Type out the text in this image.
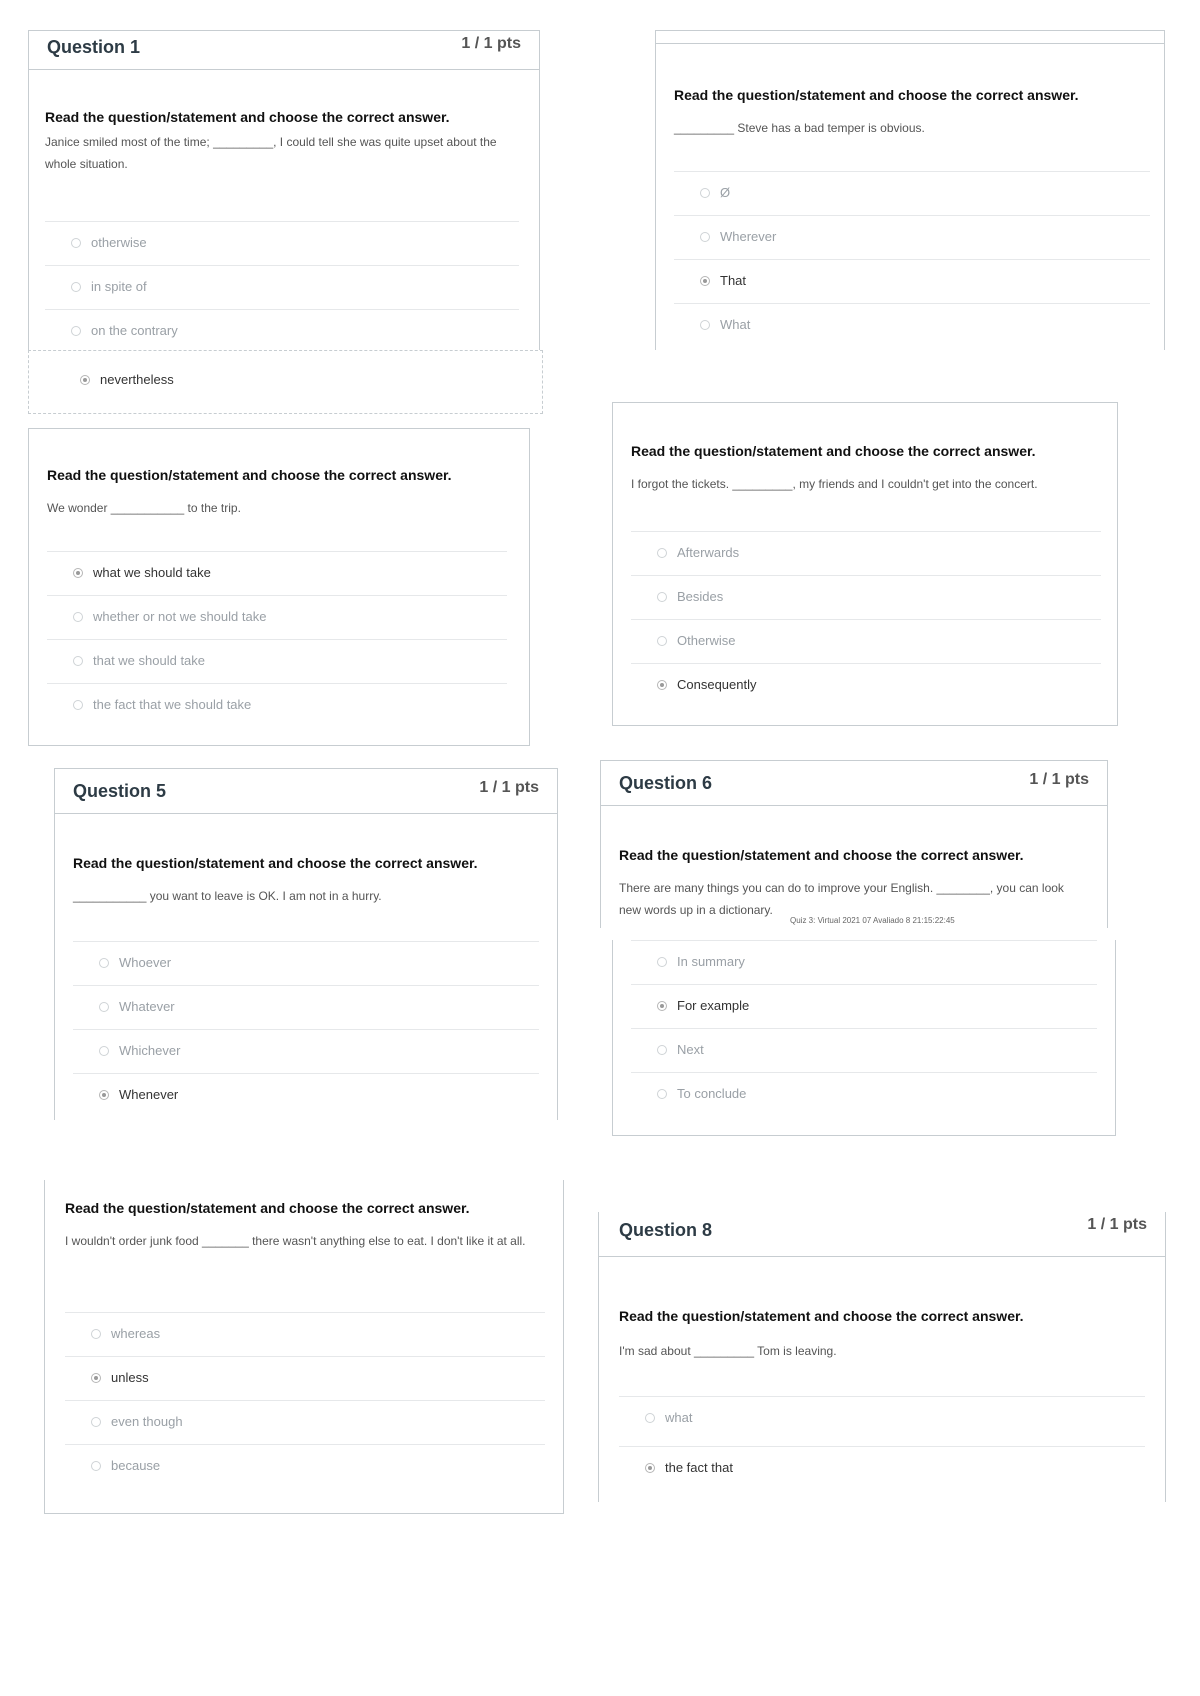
Question 1	1 / 1 pts
Read the question/statement and choose the correct answer.
Janice smiled most of the time; _________, I could tell she was quite upset about the whole situation.
otherwise
in spite of
on the contrary
nevertheless
Read the question/statement and choose the correct answer.
_________ Steve has a bad temper is obvious.
Ø
Wherever
That
What
Read the question/statement and choose the correct answer.
We wonder ___________ to the trip.
what we should take
whether or not we should take
that we should take
the fact that we should take
Read the question/statement and choose the correct answer.
I forgot the tickets. _________, my friends and I couldn't get into the concert.
Afterwards
Besides
Otherwise
Consequently
Question 5	1 / 1 pts
Read the question/statement and choose the correct answer.
___________ you want to leave is OK. I am not in a hurry.
Whoever
Whatever
Whichever
Whenever
Question 6	1 / 1 pts
Read the question/statement and choose the correct answer.
There are many things you can do to improve your English. ________, you can look new words up in a dictionary.
Quiz 3: Virtual 2021 07 Avaliado 8 21:15:22:45
In summary
For example
Next
To conclude
Read the question/statement and choose the correct answer.
I wouldn't order junk food _______ there wasn't anything else to eat. I don't like it at all.
whereas
unless
even though
because
Question 8	1 / 1 pts
Read the question/statement and choose the correct answer.
I'm sad about _________ Tom is leaving.
what
the fact that
